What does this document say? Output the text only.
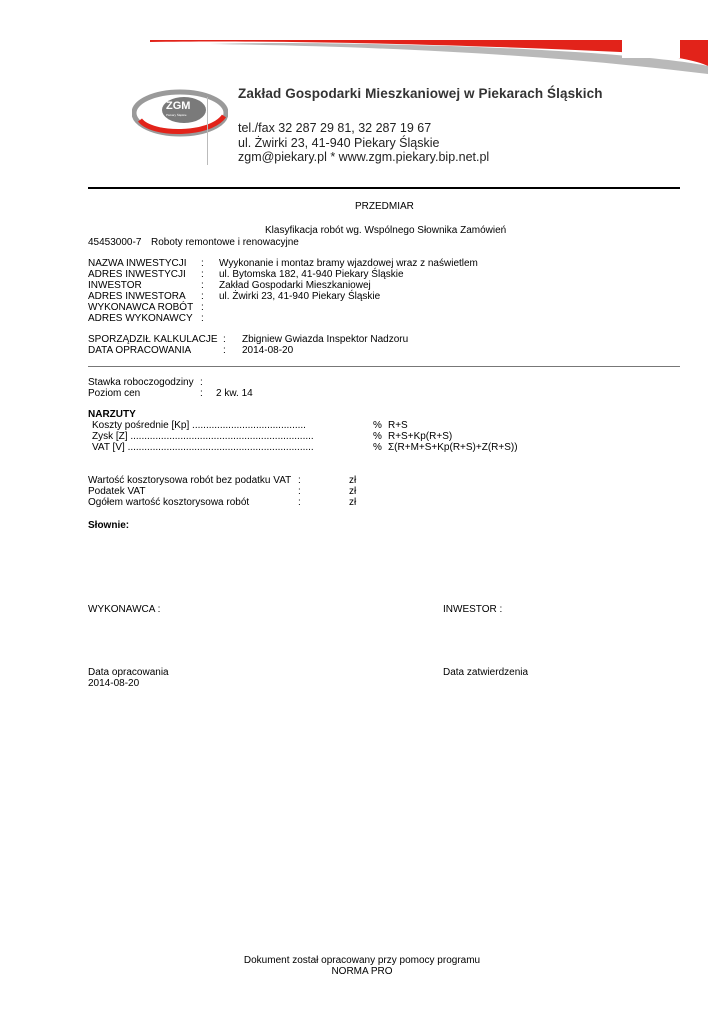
ZGM
Piekary Śląskie
Zakład Gospodarki Mieszkaniowej w Piekarach Śląskich
tel./fax 32 287 29 81, 32 287 19 67
ul. Żwirki 23, 41-940 Piekary Śląskie
zgm@piekary.pl * www.zgm.piekary.bip.net.pl
PRZEDMIAR
Klasyfikacja robót wg. Wspólnego Słownika Zamówień
45453000-7 Roboty remontowe i renowacyjne
NAZWA INWESTYCJI : Wyykonanie i montaz bramy wjazdowej wraz z naświetlem
ADRES INWESTYCJI : ul. Bytomska 182, 41-940 Piekary Śląskie
INWESTOR	: Zakład Gospodarki Mieszkaniowej
ADRES INWESTORA : ul. Żwirki 23, 41-940 Piekary Śląskie
WYKONAWCA ROBÓT :
ADRES WYKONAWCY :
SPORZĄDZIŁ KALKULACJE : Zbigniew Gwiazda Inspektor Nadzoru
DATA OPRACOWANIA	: 2014-08-20
Stawka roboczogodziny :
Poziom cen	: 2 kw. 14
NARZUTY
Koszty pośrednie [Kp] .........................................	% R+S
Zysk [Z] ..................................................................	% R+S+Kp(R+S)
VAT [V] ...................................................................	% Σ(R+M+S+Kp(R+S)+Z(R+S))
Wartość kosztorysowa robót bez podatku VAT :	zł
Podatek VAT	:	zł
Ogółem wartość kosztorysowa robót	:	zł
Słownie:
WYKONAWCA :	INWESTOR :
Data opracowania
2014-08-20
Data zatwierdzenia
Dokument został opracowany przy pomocy programu
NORMA PRO
